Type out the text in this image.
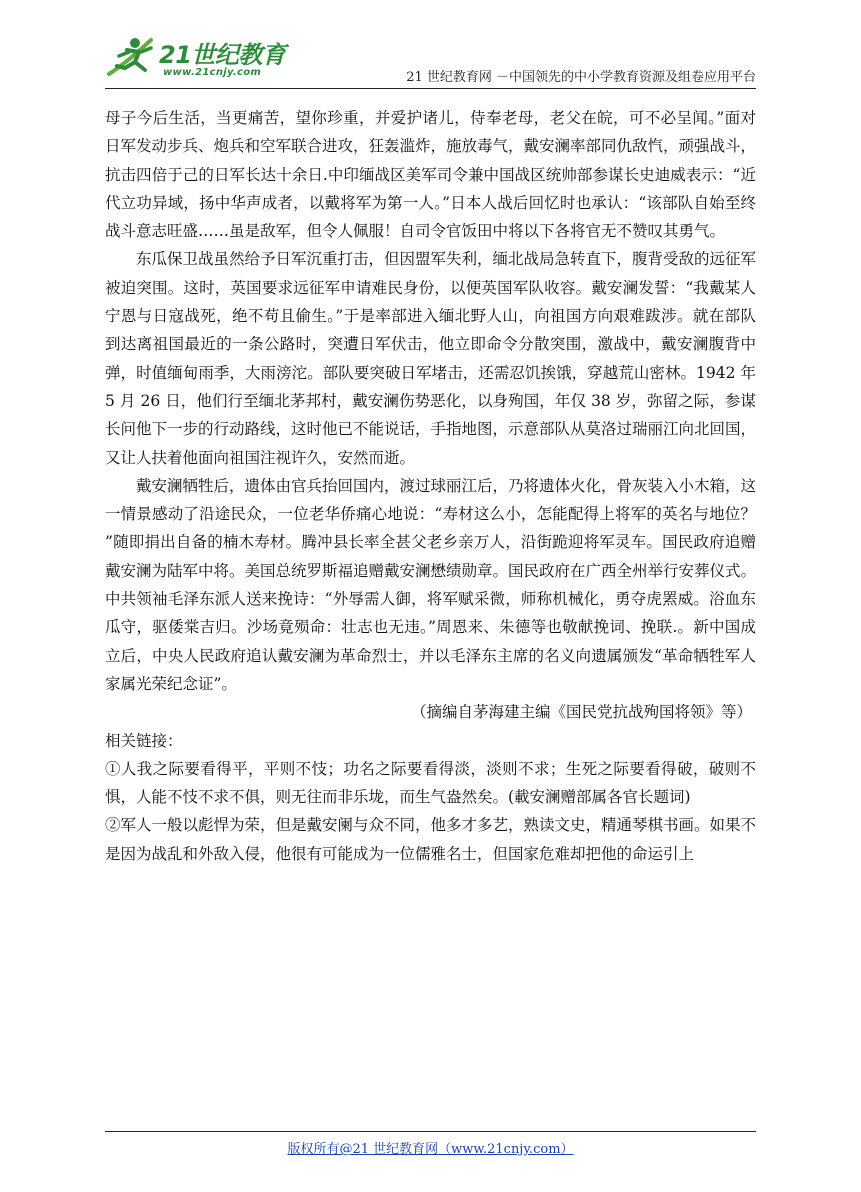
21世纪教育
www.21cnjy.com	21 世纪教育网 －中国领先的中小学教育资源及组卷应用平台

母子今后生活，当更痛苦，望你珍重，并爱护诸儿，侍奉老母，老父在皖，可不必呈闻。”面对日军发动步兵、炮兵和空军联合进攻，狂轰滥炸，施放毒气，戴安澜率部同仇敌忾，顽强战斗，抗击四倍于己的日军长达十余日.中印缅战区美军司令兼中国战区统帅部参谋长史迪威表示：“近代立功异域，扬中华声成者，以戴将军为第一人。”日本人战后回忆时也承认：“该部队自始至终战斗意志旺盛……虽是敌军，但令人佩服！自司令官饭田中将以下各将官无不赞叹其勇气。

东瓜保卫战虽然给予日军沉重打击，但因盟军失利，缅北战局急转直下，腹背受敌的远征军被迫突围。这时，英国要求远征军申请难民身份，以便英国军队收容。戴安澜发誓：“我戴某人宁恩与日寇战死，绝不苟且偷生。”于是率部进入缅北野人山，向祖国方向艰难跋涉。就在部队到达离祖国最近的一条公路时，突遭日军伏击，他立即命令分散突围，激战中，戴安澜腹背中弹，时值缅甸雨季，大雨滂沱。部队要突破日军堵击，还需忍饥挨饿，穿越荒山密林。1942 年 5 月 26 日，他们行至缅北茅邦村，戴安澜伤势恶化，以身殉国，年仅 38 岁，弥留之际，参谋长问他下一步的行动路线，这时他已不能说话，手指地图，示意部队从莫洛过瑞丽江向北回国，又让人扶着他面向祖国注视许久，安然而逝。

戴安澜牺牲后，遗体由官兵抬回国内，渡过球丽江后，乃将遗体火化，骨灰装入小木箱，这一情景感动了沿途民众，一位老华侨痛心地说：“寿材这么小，怎能配得上将军的英名与地位？ ”随即捐出自备的楠木寿材。腾冲县长率全甚父老乡亲万人，沿街跪迎将军灵车。国民政府追赠戴安澜为陆军中将。美国总统罗斯福追赠戴安澜懋绩勋章。国民政府在广西全州举行安葬仪式。中共领袖毛泽东派人送来挽诗：“外辱需人御，将军赋采微，师称机械化，勇夺虎罴威。浴血东瓜守，驱倭棠吉归。沙场竟殒命：壮志也无违。”周恩来、朱德等也敬献挽词、挽联.。新中国成立后，中央人民政府追认戴安澜为革命烈士，并以毛泽东主席的名义向遗属颁发“革命牺牲军人家属光荣纪念证”。

（摘编自茅海建主编《国民党抗战殉国将领》等）

相关链接：

①人我之际要看得平，平则不忮；功名之际要看得淡，淡则不求；生死之际要看得破，破则不惧，人能不忮不求不俱，则无往而非乐垅，而生气盎然矣。(載安澜赠部属各官长题词)

②军人一般以彪悍为荣，但是戴安阑与众不同，他多才多艺，熟读文史，精通琴棋书画。如果不是因为战乱和外敌入侵，他很有可能成为一位儒雅名士，但国家危难却把他的命运引上

版权所有@21 世纪教育网（www.21cnjy.com）
